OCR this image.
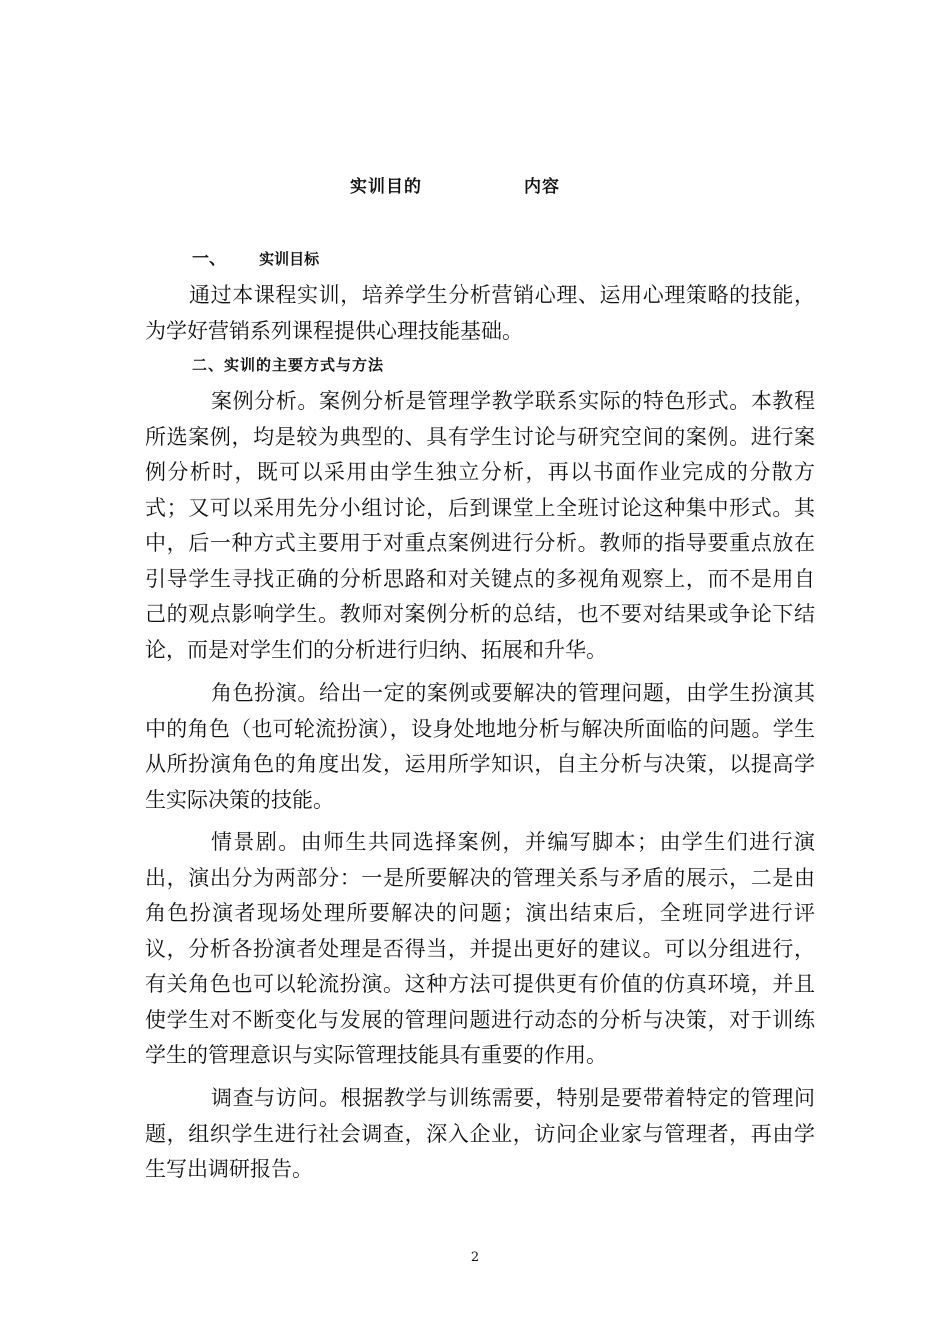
实训目的	内容
一、 实训目标

通过本课程实训，培养学生分析营销心理、运用心理策略的技能，为学好营销系列课程提供心理技能基础。

二、实训的主要方式与方法

案例分析。案例分析是管理学教学联系实际的特色形式。本教程所选案例，均是较为典型的、具有学生讨论与研究空间的案例。进行案例分析时，既可以采用由学生独立分析，再以书面作业完成的分散方式；又可以采用先分小组讨论，后到课堂上全班讨论这种集中形式。其中，后一种方式主要用于对重点案例进行分析。教师的指导要重点放在引导学生寻找正确的分析思路和对关键点的多视角观察上，而不是用自己的观点影响学生。教师对案例分析的总结，也不要对结果或争论下结论，而是对学生们的分析进行归纳、拓展和升华。

角色扮演。给出一定的案例或要解决的管理问题，由学生扮演其中的角色（也可轮流扮演），设身处地地分析与解决所面临的问题。学生从所扮演角色的角度出发，运用所学知识，自主分析与决策，以提高学生实际决策的技能。

情景剧。由师生共同选择案例，并编写脚本；由学生们进行演出，演出分为两部分：一是所要解决的管理关系与矛盾的展示，二是由角色扮演者现场处理所要解决的问题；演出结束后，全班同学进行评议，分析各扮演者处理是否得当，并提出更好的建议。可以分组进行，有关角色也可以轮流扮演。这种方法可提供更有价值的仿真环境，并且使学生对不断变化与发展的管理问题进行动态的分析与决策，对于训练学生的管理意识与实际管理技能具有重要的作用。

调查与访问。根据教学与训练需要，特别是要带着特定的管理问题，组织学生进行社会调查，深入企业，访问企业家与管理者，再由学生写出调研报告。

2
